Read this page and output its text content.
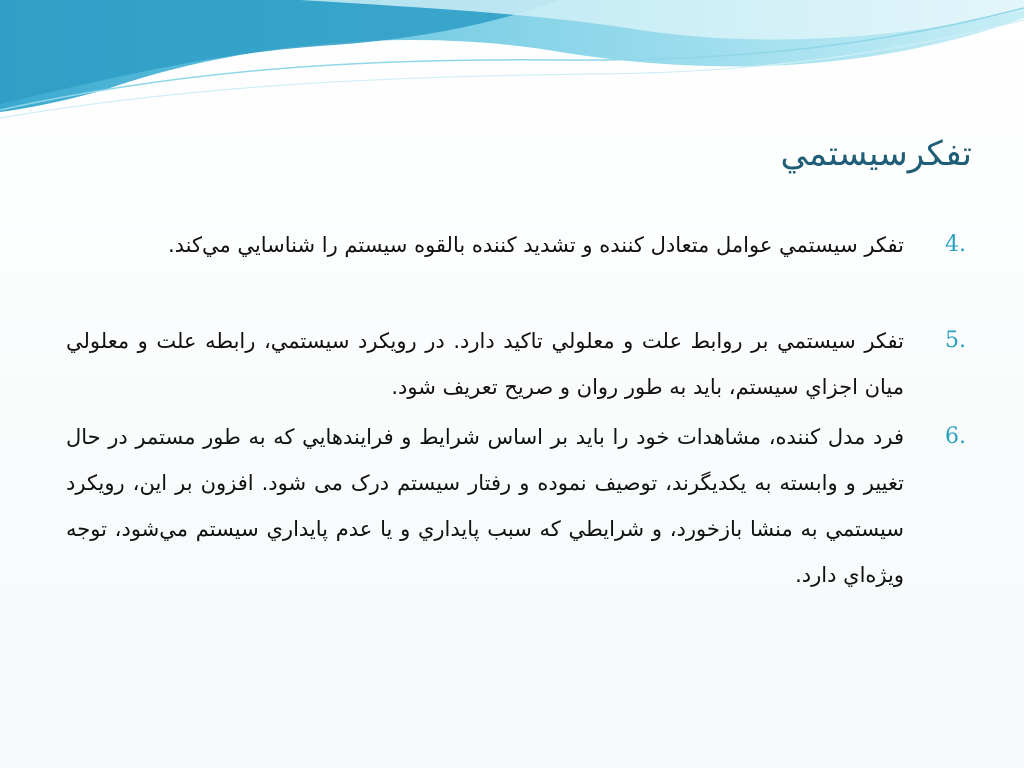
تفكرسيستمي
4.
تفكر سيستمي عوامل متعادل كننده و تشديد كننده بالقوه سيستم را شناسايي مي‌كند.
5.
تفكر سيستمي بر روابط علت و معلولي تاكيد دارد. در رويكرد سيستمي، رابطه علت و معلولي ميان اجزاي سيستم، بايد به طور روان و صريح تعريف شود.
6.
فرد مدل كننده، مشاهدات خود را بايد بر اساس شرايط و فرايندهايي كه به طور مستمر در حال تغيير و وابسته به يكديگرند، توصيف نموده و رفتار سيستم درک می شود. افزون بر اين، رويكرد سيستمي به منشا بازخورد، و شرايطي كه سبب پايداري و يا عدم پايداري سيستم مي‌شود، توجه ويژه‌اي دارد.
